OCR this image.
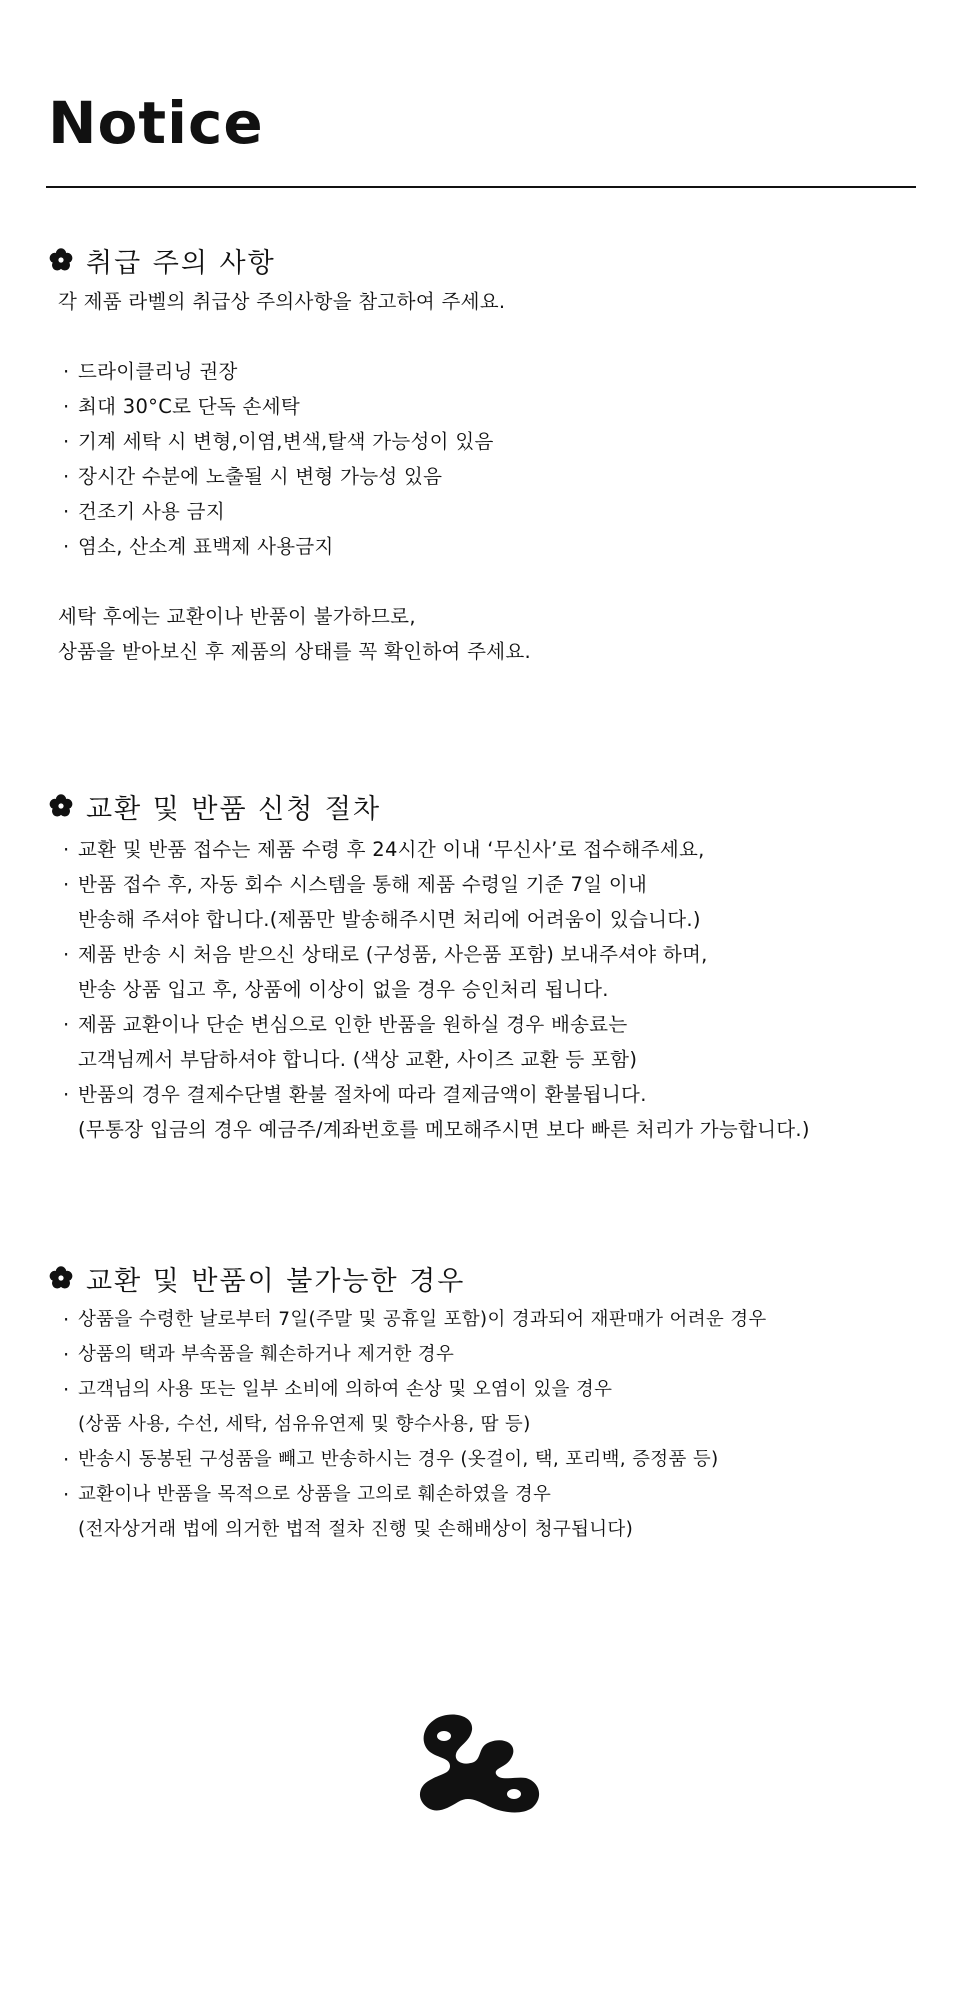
Notice
취급 주의 사항

각 제품 라벨의 취급상 주의사항을 참고하여 주세요.

· 드라이클리닝 권장
· 최대 30°C로 단독 손세탁
· 기계 세탁 시 변형,이염,변색,탈색 가능성이 있음
· 장시간 수분에 노출될 시 변형 가능성 있음
· 건조기 사용 금지
· 염소, 산소계 표백제 사용금지

세탁 후에는 교환이나 반품이 불가하므로,

상품을 받아보신 후 제품의 상태를 꼭 확인하여 주세요.

교환 및 반품 신청 절차
· 교환 및 반품 접수는 제품 수령 후 24시간 이내 ‘무신사’로 접수해주세요,
· 반품 접수 후, 자동 회수 시스템을 통해 제품 수령일 기준 7일 이내
반송해 주셔야 합니다.(제품만 발송해주시면 처리에 어려움이 있습니다.)
· 제품 반송 시 처음 받으신 상태로 (구성품, 사은품 포함) 보내주셔야 하며,
반송 상품 입고 후, 상품에 이상이 없을 경우 승인처리 됩니다.
· 제품 교환이나 단순 변심으로 인한 반품을 원하실 경우 배송료는
고객님께서 부담하셔야 합니다. (색상 교환, 사이즈 교환 등 포함)
· 반품의 경우 결제수단별 환불 절차에 따라 결제금액이 환불됩니다.
(무통장 입금의 경우 예금주/계좌번호를 메모해주시면 보다 빠른 처리가 가능합니다.)
교환 및 반품이 불가능한 경우
· 상품을 수령한 날로부터 7일(주말 및 공휴일 포함)이 경과되어 재판매가 어려운 경우
· 상품의 택과 부속품을 훼손하거나 제거한 경우
· 고객님의 사용 또는 일부 소비에 의하여 손상 및 오염이 있을 경우
(상품 사용, 수선, 세탁, 섬유유연제 및 향수사용, 땀 등)
· 반송시 동봉된 구성품을 빼고 반송하시는 경우 (옷걸이, 택, 포리백, 증정품 등)
· 교환이나 반품을 목적으로 상품을 고의로 훼손하였을 경우
(전자상거래 법에 의거한 법적 절차 진행 및 손해배상이 청구됩니다)
